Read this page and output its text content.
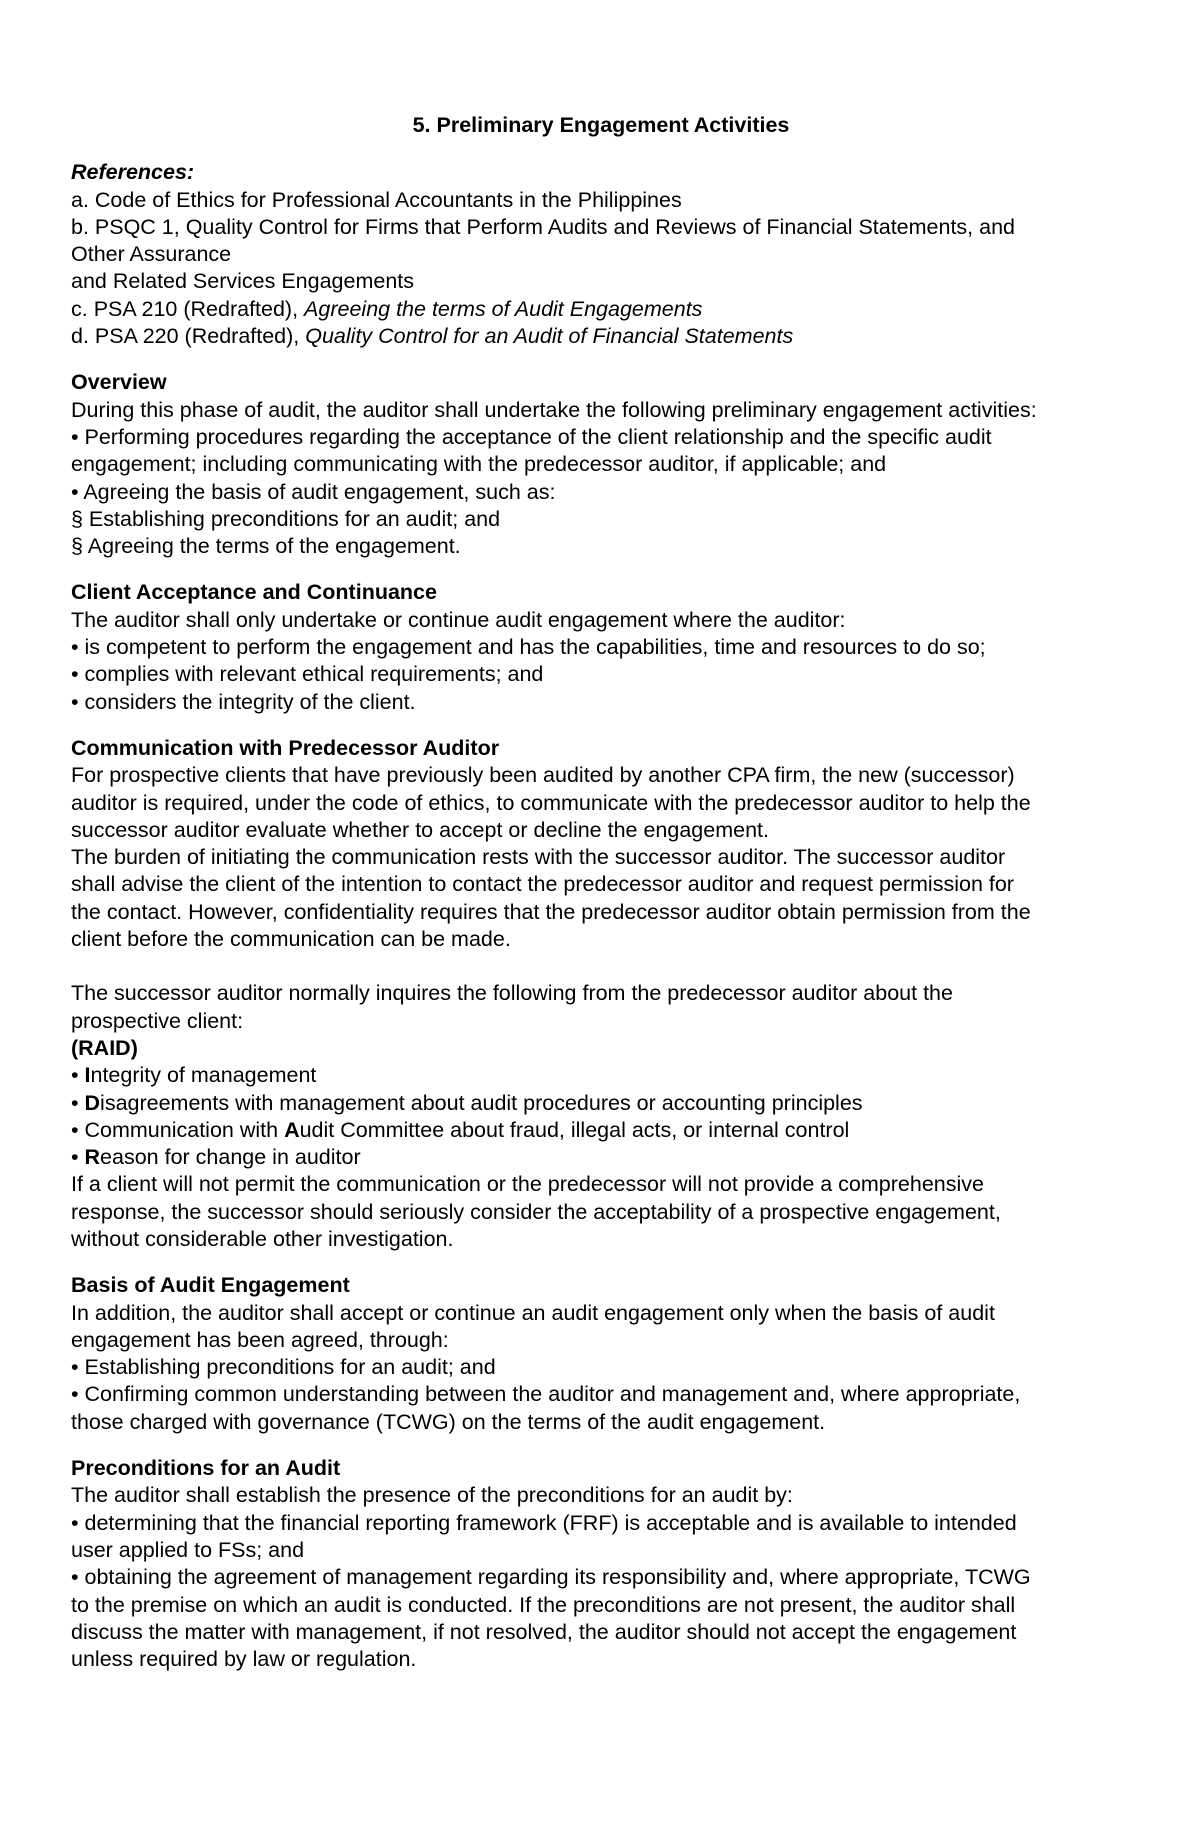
5. Preliminary Engagement Activities
References:
a. Code of Ethics for Professional Accountants in the Philippines
b. PSQC 1, Quality Control for Firms that Perform Audits and Reviews of Financial Statements, and
Other Assurance
and Related Services Engagements
c. PSA 210 (Redrafted), Agreeing the terms of Audit Engagements
d. PSA 220 (Redrafted), Quality Control for an Audit of Financial Statements
Overview
During this phase of audit, the auditor shall undertake the following preliminary engagement activities:
• Performing procedures regarding the acceptance of the client relationship and the specific audit
engagement; including communicating with the predecessor auditor, if applicable; and
• Agreeing the basis of audit engagement, such as:
§ Establishing preconditions for an audit; and
§ Agreeing the terms of the engagement.
Client Acceptance and Continuance
The auditor shall only undertake or continue audit engagement where the auditor:
• is competent to perform the engagement and has the capabilities, time and resources to do so;
• complies with relevant ethical requirements; and
• considers the integrity of the client.
Communication with Predecessor Auditor
For prospective clients that have previously been audited by another CPA firm, the new (successor)
auditor is required, under the code of ethics, to communicate with the predecessor auditor to help the
successor auditor evaluate whether to accept or decline the engagement.
The burden of initiating the communication rests with the successor auditor. The successor auditor
shall advise the client of the intention to contact the predecessor auditor and request permission for
the contact. However, confidentiality requires that the predecessor auditor obtain permission from the
client before the communication can be made.
The successor auditor normally inquires the following from the predecessor auditor about the
prospective client:
(RAID)
• Integrity of management
• Disagreements with management about audit procedures or accounting principles
• Communication with Audit Committee about fraud, illegal acts, or internal control
• Reason for change in auditor
If a client will not permit the communication or the predecessor will not provide a comprehensive
response, the successor should seriously consider the acceptability of a prospective engagement,
without considerable other investigation.
Basis of Audit Engagement
In addition, the auditor shall accept or continue an audit engagement only when the basis of audit
engagement has been agreed, through:
• Establishing preconditions for an audit; and
• Confirming common understanding between the auditor and management and, where appropriate,
those charged with governance (TCWG) on the terms of the audit engagement.
Preconditions for an Audit
The auditor shall establish the presence of the preconditions for an audit by:
• determining that the financial reporting framework (FRF) is acceptable and is available to intended
user applied to FSs; and
• obtaining the agreement of management regarding its responsibility and, where appropriate, TCWG
to the premise on which an audit is conducted. If the preconditions are not present, the auditor shall
discuss the matter with management, if not resolved, the auditor should not accept the engagement
unless required by law or regulation.
